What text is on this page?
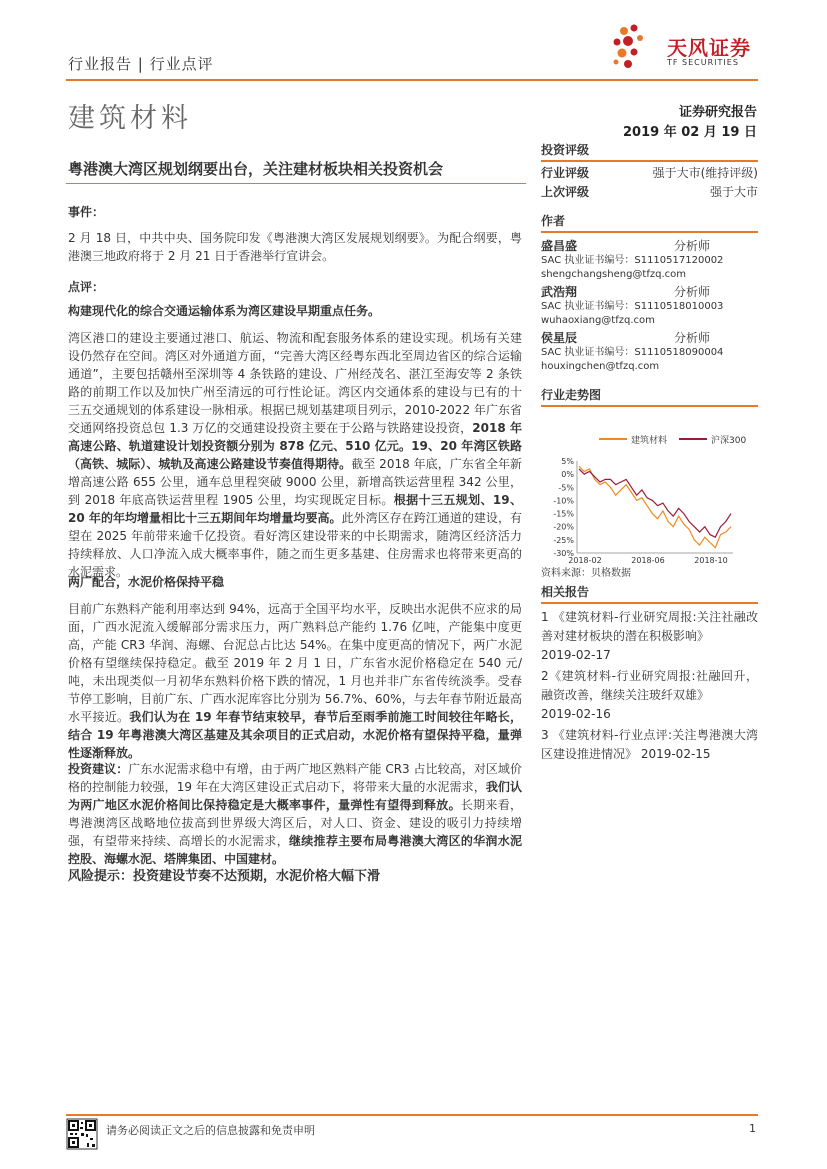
行业报告 | 行业点评
天风证券
TF SECURITIES
建筑材料	证券研究报告
2019 年 02 月 19 日
粤港澳大湾区规划纲要出台，关注建材板块相关投资机会
事件：

2 月 18 日，中共中央、国务院印发《粤港澳大湾区发展规划纲要》。为配合纲要，粤港澳三地政府将于 2 月 21 日于香港举行宣讲会。

点评：
构建现代化的综合交通运输体系为湾区建设早期重点任务。

湾区港口的建设主要通过港口、航运、物流和配套服务体系的建设实现。机场有关建设仍然存在空间。湾区对外通道方面，“完善大湾区经粤东西北至周边省区的综合运输通道”，主要包括赣州至深圳等 4 条铁路的建设、广州经茂名、湛江至海安等 2 条铁路的前期工作以及加快广州至清远的可行性论证。湾区内交通体系的建设与已有的十三五交通规划的体系建设一脉相承。根据已规划基建项目列示，2010-2022 年广东省交通网络投资总包 1.3 万亿的交通建设投资主要在于公路与铁路建设投资，2018 年高速公路、轨道建设计划投资额分别为 878 亿元、510 亿元。19、20 年湾区铁路（高铁、城际）、城轨及高速公路建设节奏值得期待。截至 2018 年底，广东省全年新增高速公路 655 公里，通车总里程突破 9000 公里，新增高铁运营里程 342 公里，到 2018 年底高铁运营里程 1905 公里，均实现既定目标。根据十三五规划、19、20 年的年均增量相比十三五期间年均增量均要高。此外湾区存在跨江通道的建设，有望在 2025 年前带来逾千亿投资。看好湾区建设带来的中长期需求，随湾区经济活力持续释放、人口净流入成大概率事件，随之而生更多基建、住房需求也将带来更高的水泥需求。

两广配合，水泥价格保持平稳

目前广东熟料产能利用率达到 94%，远高于全国平均水平，反映出水泥供不应求的局面，广西水泥流入缓解部分需求压力，两广熟料总产能约 1.76 亿吨，产能集中度更高，产能 CR3 华润、海螺、台泥总占比达 54%。在集中度更高的情况下，两广水泥价格有望继续保持稳定。截至 2019 年 2 月 1 日，广东省水泥价格稳定在 540 元/吨，未出现类似一月初华东熟料价格下跌的情况，1 月也并非广东省传统淡季。受春节停工影响，目前广东、广西水泥库容比分别为 56.7%、60%，与去年春节附近最高水平接近。我们认为在 19 年春节结束较早，春节后至雨季前施工时间较往年略长，结合 19 年粤港澳大湾区基建及其余项目的正式启动，水泥价格有望保持平稳，量弹性逐渐释放。

投资建议：广东水泥需求稳中有增，由于两广地区熟料产能 CR3 占比较高，对区域价格的控制能力较强，19 年在大湾区建设正式启动下，将带来大量的水泥需求，我们认为两广地区水泥价格间比保持稳定是大概率事件，量弹性有望得到释放。长期来看，粤港澳湾区战略地位拔高到世界级大湾区后，对人口、资金、建设的吸引力持续增强，有望带来持续、高增长的水泥需求，继续推荐主要布局粤港澳大湾区的华润水泥控股、海螺水泥、塔牌集团、中国建材。

风险提示：投资建设节奏不达预期，水泥价格大幅下滑
投资评级
行业评级	强于大市(维持评级)
上次评级	强于大市
作者
盛昌盛	分析师
SAC 执业证书编号：S1110517120002
shengchangsheng@tfzq.com
武浩翔	分析师
SAC 执业证书编号：S1110518010003
wuhaoxiang@tfzq.com
侯星辰	分析师
SAC 执业证书编号：S1110518090004
houxingchen@tfzq.com
行业走势图
建筑材料	沪深300
5%
0%
-5%
-10%
-15%
-20%
-25%
-30%
2018-02	2018-06	2018-10
资料来源：贝格数据
相关报告
1 《建筑材料-行业研究周报:关注社融改善对建材板块的潜在积极影响》
2019-02-17
2《建筑材料-行业研究周报:社融回升，融资改善，继续关注玻纤双雄》
2019-02-16
3 《建筑材料-行业点评:关注粤港澳大湾区建设推进情况》 2019-02-15
请务必阅读正文之后的信息披露和免责申明	1
